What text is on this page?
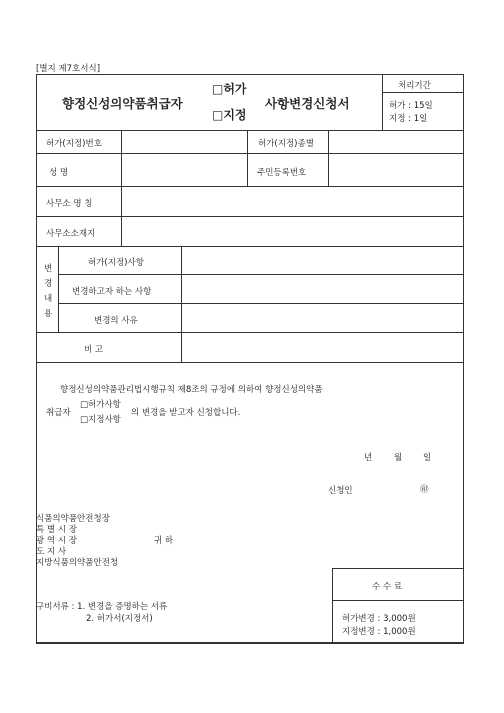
[별지 제7호서식]
향정신성의약품취급자
□허가
□지정
사항변경신청서
처리기간
허가 : 15일
지정 : 1일
허가(지정)번호	허가(지정)종별
성 명	주민등록번호
사무소 명 칭
사무소소재지
변
경
내
용
허가(지정)사항
변경하고자 하는 사항
변경의 사유
비 고
향정신성의약품관리법시행규칙 제8조의 규정에 의하여 향정신성의약품
취급자
□허가사항
□지정사항
의 변경을 받고자 신청합니다.
년	월 일
신청인	㊞
식품의약품안전청장
특 별 시 장
광 역 시 장	귀 하
도 지 사
지방식품의약품안전청
구비서류 : 1. 변경을 증명하는 서류
2. 허가서(지정서)
수 수 료
허가변경 : 3,000원
지정변경 : 1,000원
